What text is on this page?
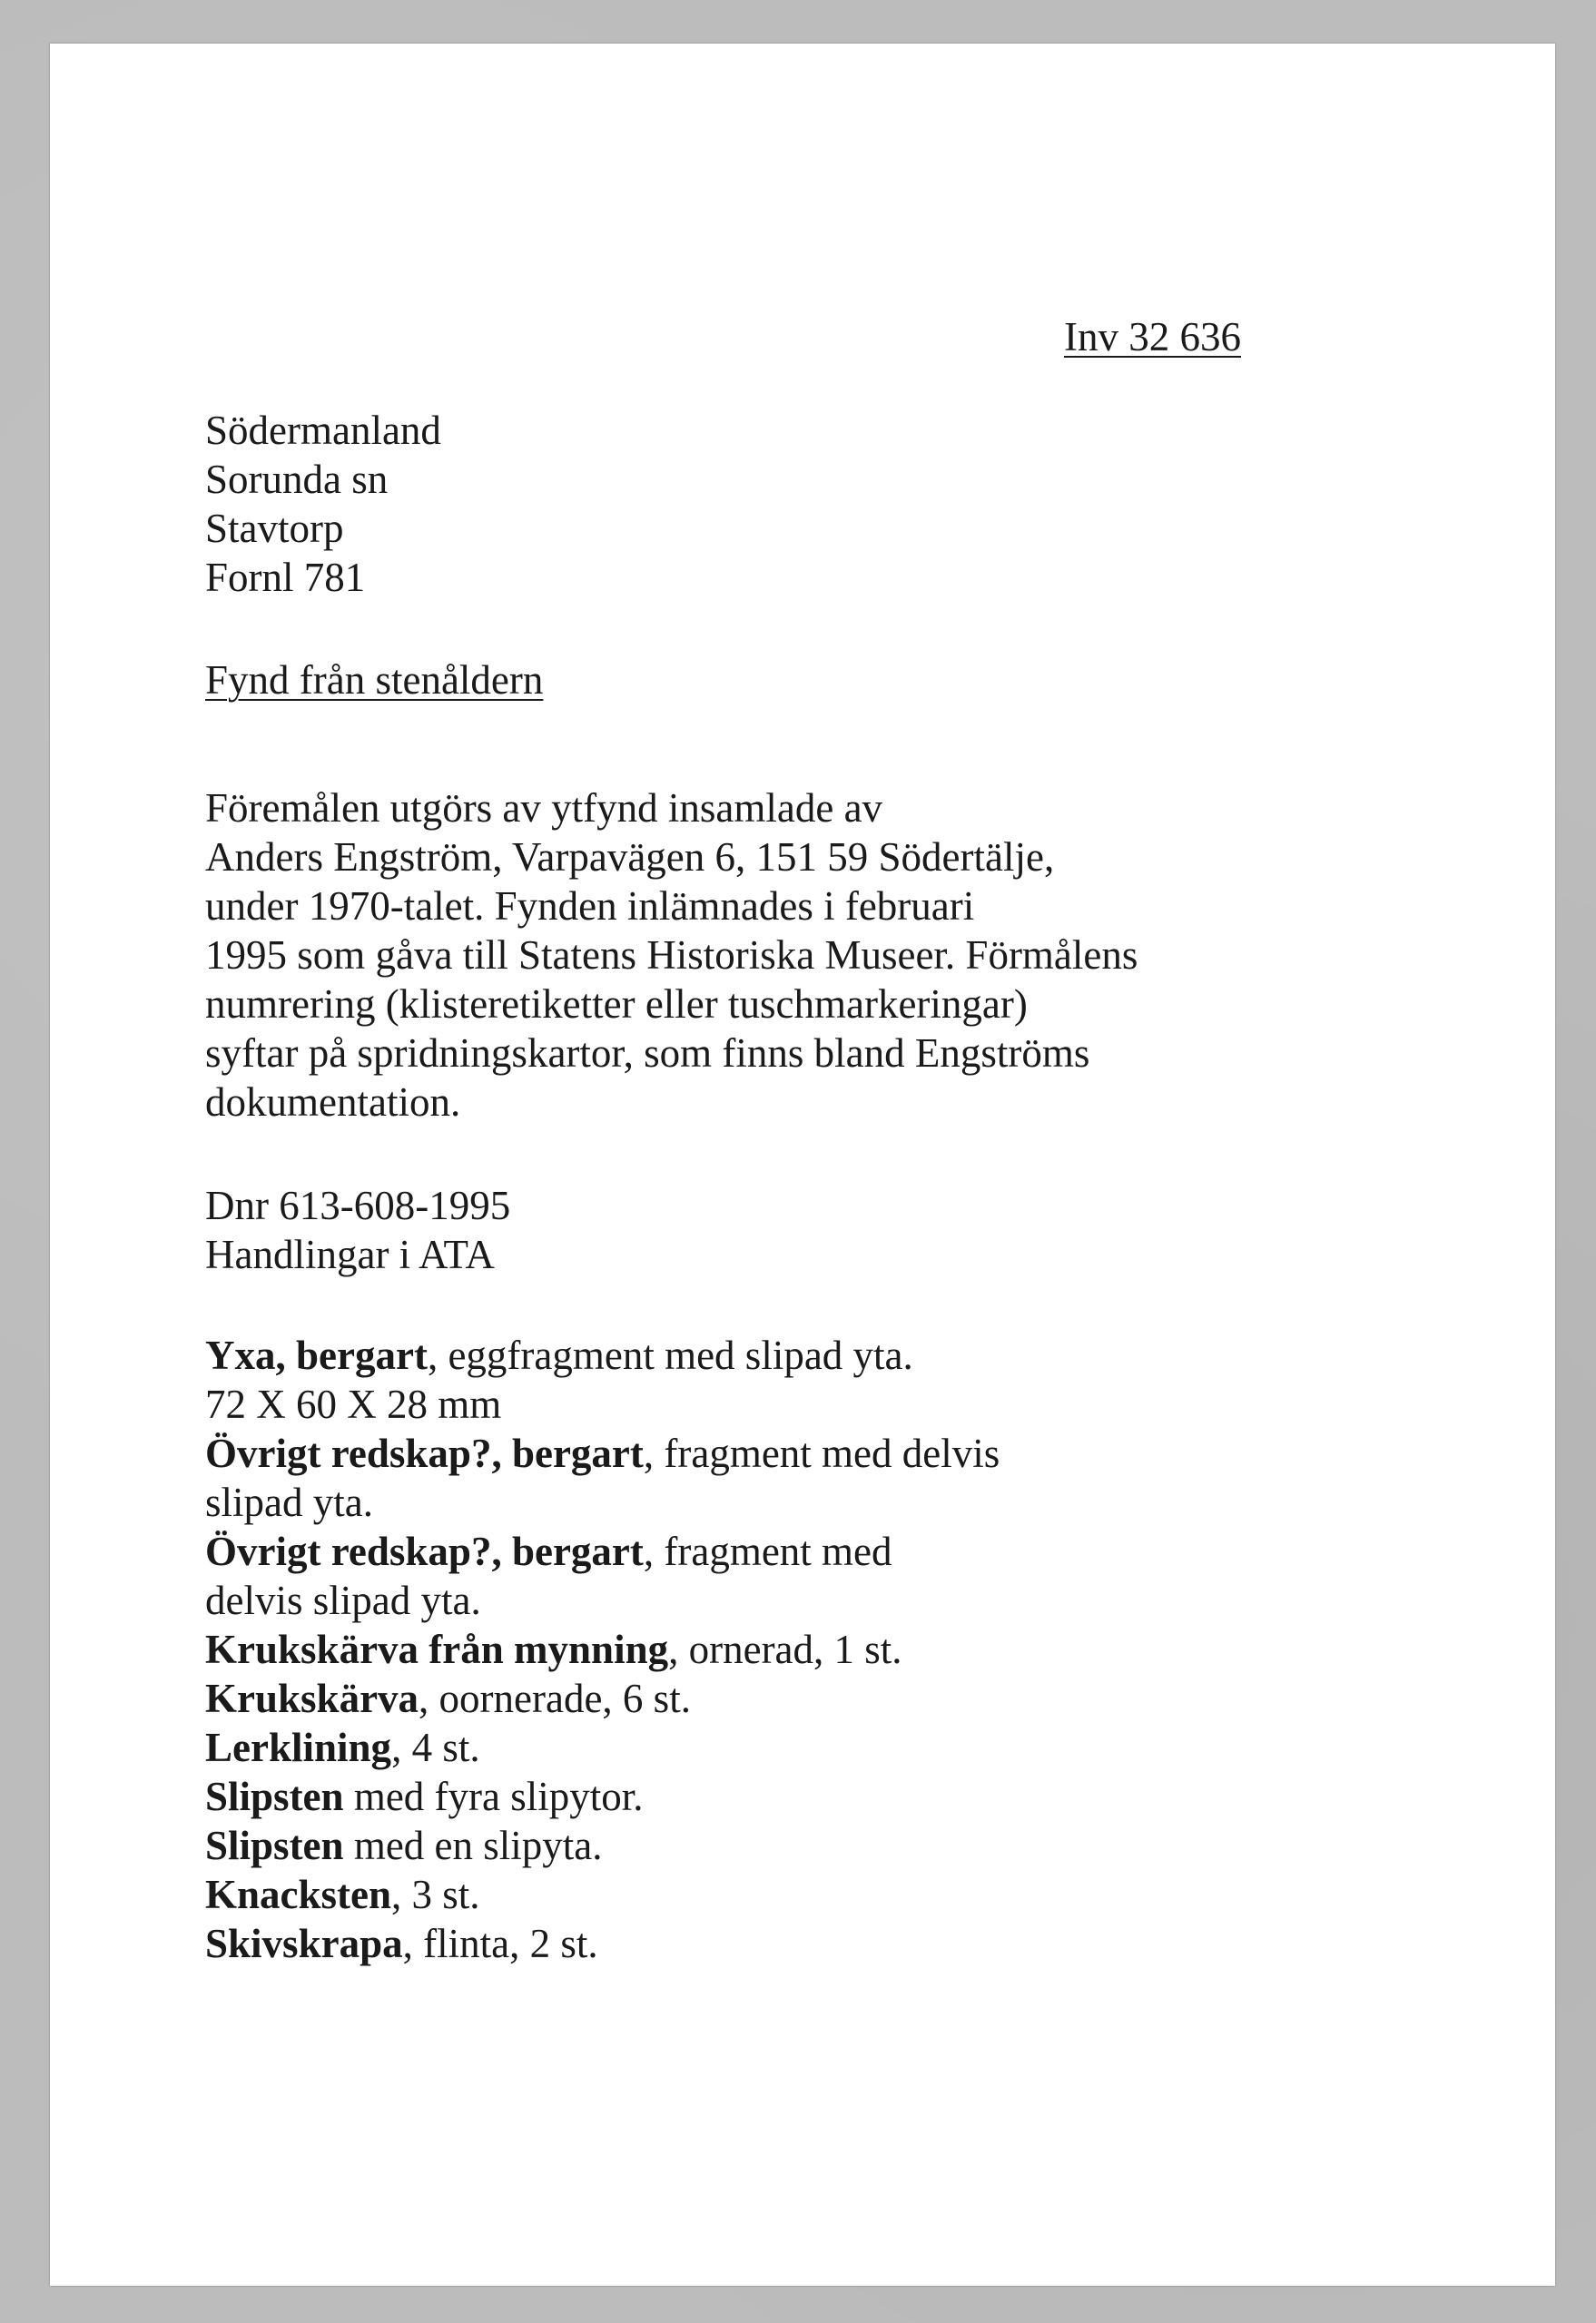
Inv 32 636
Södermanland
Sorunda sn
Stavtorp
Fornl 781
Fynd från stenåldern
Föremålen utgörs av ytfynd insamlade av
Anders Engström, Varpavägen 6, 151 59 Södertälje,
under 1970-talet. Fynden inlämnades i februari
1995 som gåva till Statens Historiska Museer. Förmålens
numrering (klisteretiketter eller tuschmarkeringar)
syftar på spridningskartor, som finns bland Engströms
dokumentation.
Dnr 613-608-1995
Handlingar i ATA
Yxa, bergart, eggfragment med slipad yta.
72 X 60 X 28 mm
Övrigt redskap?, bergart, fragment med delvis
slipad yta.
Övrigt redskap?, bergart, fragment med
delvis slipad yta.
Krukskärva från mynning, ornerad, 1 st.
Krukskärva, oornerade, 6 st.
Lerklining, 4 st.
Slipsten med fyra slipytor.
Slipsten med en slipyta.
Knacksten, 3 st.
Skivskrapa, flinta, 2 st.
